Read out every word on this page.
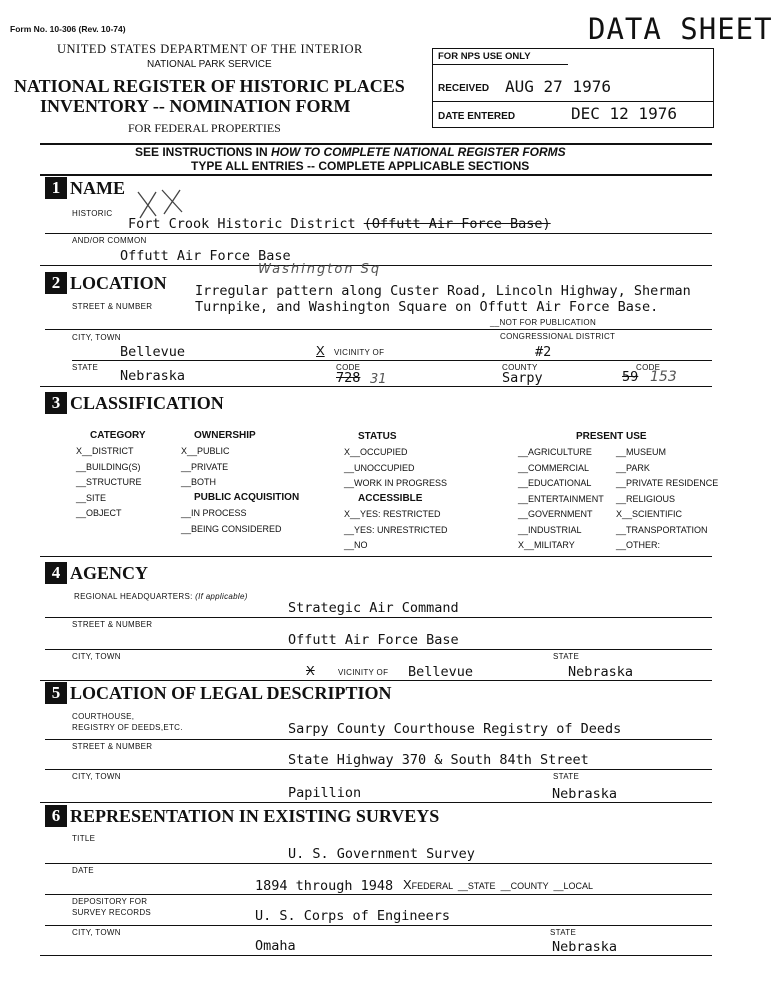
Form No. 10-306 (Rev. 10-74)	DATA SHEET
UNITED STATES DEPARTMENT OF THE INTERIOR
NATIONAL PARK SERVICE
NATIONAL REGISTER OF HISTORIC PLACES
INVENTORY -- NOMINATION FORM
FOR FEDERAL PROPERTIES
FOR NPS USE ONLY
RECEIVED AUG 27 1976
DATE ENTERED	DEC 12 1976
SEE INSTRUCTIONS IN HOW TO COMPLETE NATIONAL REGISTER FORMS
TYPE ALL ENTRIES -- COMPLETE APPLICABLE SECTIONS
1 NAME
HISTORIC
Fort Crook Historic District (Offutt Air Force Base)
AND/OR COMMON
Offutt Air Force Base
2 LOCATION
Washington Sq
STREET & NUMBER
Irregular pattern along Custer Road, Lincoln Highway, Sherman
Turnpike, and Washington Square on Offutt Air Force Base.
__NOT FOR PUBLICATION
CITY, TOWN	CONGRESSIONAL DISTRICT
Bellevue	X VICINITY OF	#2
STATE	CODE	COUNTY	CODE
Nebraska	728 31	Sarpy	59 153
3 CLASSIFICATION
CATEGORY
X__DISTRICT
__BUILDING(S)
__STRUCTURE
__SITE
__OBJECT
OWNERSHIP
X__PUBLIC
__PRIVATE
__BOTH
PUBLIC ACQUISITION
__IN PROCESS
__BEING CONSIDERED
STATUS
X__OCCUPIED
__UNOCCUPIED
__WORK IN PROGRESS
ACCESSIBLE
X__YES: RESTRICTED
__YES: UNRESTRICTED
__NO
PRESENT USE
__AGRICULTURE
__COMMERCIAL
__EDUCATIONAL
__ENTERTAINMENT
__GOVERNMENT
__INDUSTRIAL
X__MILITARY
__MUSEUM
__PARK
__PRIVATE RESIDENCE
__RELIGIOUS
X__SCIENTIFIC
__TRANSPORTATION
__OTHER:
4 AGENCY
REGIONAL HEADQUARTERS: (If applicable)
Strategic Air Command
STREET & NUMBER
Offutt Air Force Base
CITY, TOWN	STATE
X	VICINITY OF Bellevue	Nebraska
5 LOCATION OF LEGAL DESCRIPTION
COURTHOUSE,
REGISTRY OF DEEDS,ETC.	Sarpy County Courthouse Registry of Deeds
STREET & NUMBER
State Highway 370 & South 84th Street
CITY, TOWN	STATE
Papillion	Nebraska
6 REPRESENTATION IN EXISTING SURVEYS
TITLE
U. S. Government Survey
DATE
1894 through 1948 XFEDERAL  __STATE  __COUNTY  __LOCAL
DEPOSITORY FOR
SURVEY RECORDS	U. S. Corps of Engineers
CITY, TOWN	STATE
Omaha	Nebraska
